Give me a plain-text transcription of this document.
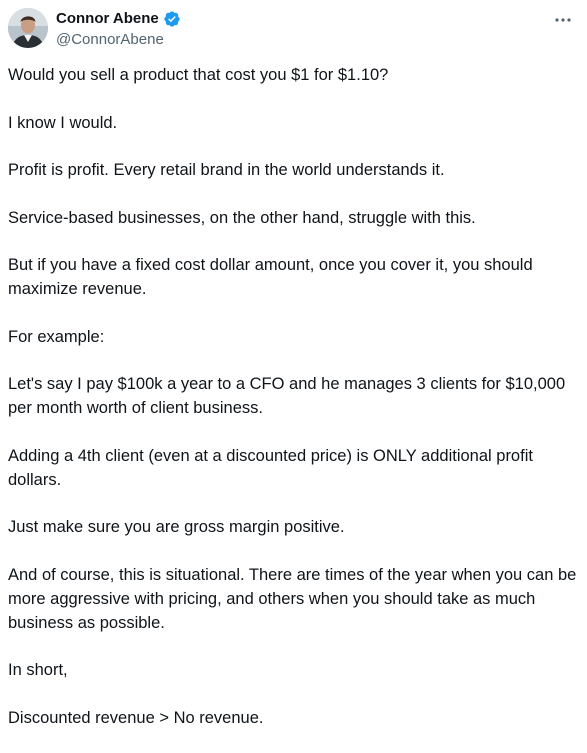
Connor Abene
@ConnorAbene

Would you sell a product that cost you $1 for $1.10?

I know I would.

Profit is profit. Every retail brand in the world understands it.

Service-based businesses, on the other hand, struggle with this.

But if you have a fixed cost dollar amount, once you cover it, you should maximize revenue.

For example:

Let's say I pay $100k a year to a CFO and he manages 3 clients for $10,000 per month worth of client business.

Adding a 4th client (even at a discounted price) is ONLY additional profit dollars.

Just make sure you are gross margin positive.

And of course, this is situational. There are times of the year when you can be more aggressive with pricing, and others when you should take as much business as possible.

In short,

Discounted revenue > No revenue.
